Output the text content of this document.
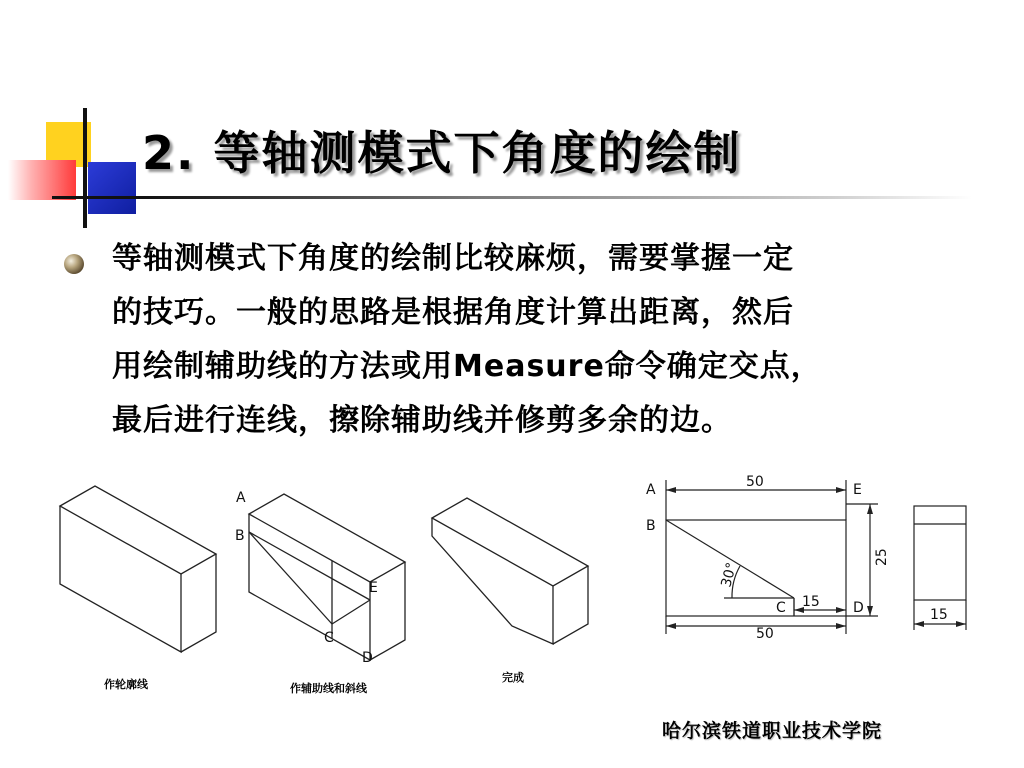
2. 等轴测模式下角度的绘制
等轴测模式下角度的绘制比较麻烦，需要掌握一定
的技巧。一般的思路是根据角度计算出距离，然后
用绘制辅助线的方法或用Measure命令确定交点，
最后进行连线，擦除辅助线并修剪多余的边。
作轮廓线
A
B
C
D
E
作辅助线和斜线
完成
A
B
C	D
E
50
50
15
25
30°
15
哈尔滨铁道职业技术学院
